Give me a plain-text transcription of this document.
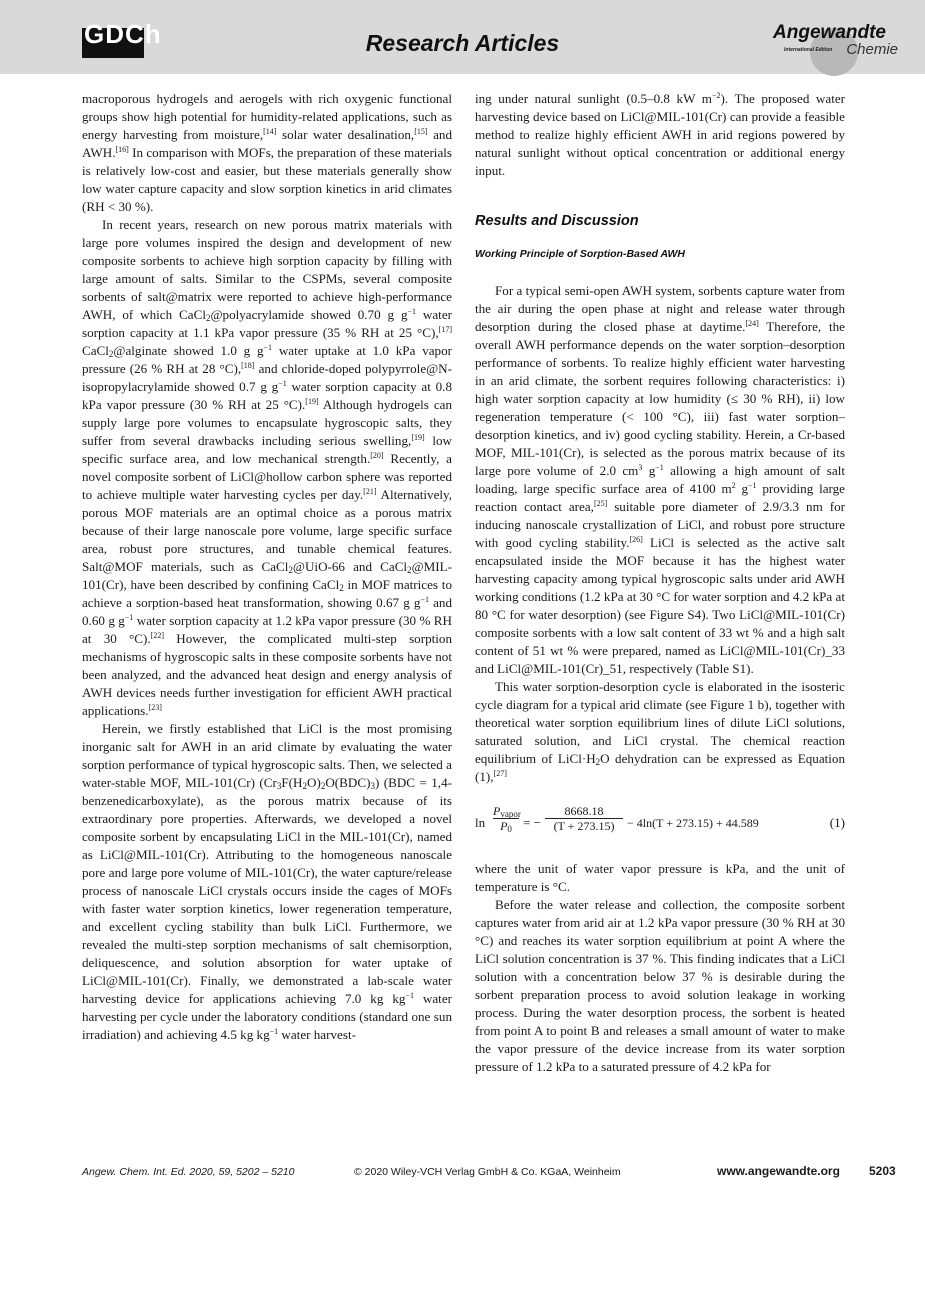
GDCh	Research Articles	Angewandte
International Edition Chemie

macroporous hydrogels and aerogels with rich oxygenic functional groups show high potential for humidity-related applications, such as energy harvesting from moisture,[14] solar water desalination,[15] and AWH.[16] In comparison with MOFs, the preparation of these materials is relatively low-cost and easier, but these materials generally show low water capture capacity and slow sorption kinetics in arid climates (RH < 30 %).

In recent years, research on new porous matrix materials with large pore volumes inspired the design and development of new composite sorbents to achieve high sorption capacity by filling with large amount of salts. Similar to the CSPMs, several composite sorbents of salt@matrix were reported to achieve high-performance AWH, of which CaCl$_2$@polyacrylamide showed 0.70 g $g^{-1}$ water sorption capacity at 1.1 kPa vapor pressure (35 % RH at 25 °C),[17] CaCl$_2$@alginate showed 1.0 g $g^{-1}$ water uptake at 1.0 kPa vapor pressure (26 % RH at 28 °C),[18] and chloride-doped polypyrrole@N-isopropylacrylamide showed 0.7 g $g^{-1}$ water sorption capacity at 0.8 kPa vapor pressure (30 % RH at 25 °C).[19] Although hydrogels can supply large pore volumes to encapsulate hygroscopic salts, they suffer from several drawbacks including serious swelling,[19] low specific surface area, and low mechanical strength.[20] Recently, a novel composite sorbent of LiCl@hollow carbon sphere was reported to achieve multiple water harvesting cycles per day.[21] Alternatively, porous MOF materials are an optimal choice as a porous matrix because of their large nanoscale pore volume, large specific surface area, robust pore structures, and tunable chemical features. Salt@MOF materials, such as CaCl$_2$@UiO-66 and CaCl$_2$@MIL-101(Cr), have been described by confining CaCl$_2$ in MOF matrices to achieve a sorption-based heat transformation, showing 0.67 g $g^{-1}$ and 0.60 g $g^{-1}$ water sorption capacity at 1.2 kPa vapor pressure (30 % RH at 30 °C).[22] However, the complicated multi-step sorption mechanisms of hygroscopic salts in these composite sorbents have not been analyzed, and the advanced heat design and energy analysis of AWH devices needs further investigation for efficient AWH practical applications.[23]

Herein, we firstly established that LiCl is the most promising inorganic salt for AWH in an arid climate by evaluating the water sorption performance of typical hygroscopic salts. Then, we selected a water-stable MOF, MIL-101(Cr) $(Cr_3F(H_2O)_2O(BDC)_3) (BDC$ = 1,4-benzenedicarboxylate), as the porous matrix because of its extraordinary pore properties. Afterwards, we developed a novel composite sorbent by encapsulating LiCl in the MIL-101(Cr), named as LiCl@MIL-101(Cr). Attributing to the homogeneous nanoscale pore and large pore volume of MIL-101(Cr), the water capture/release process of nanoscale LiCl crystals occurs inside the cages of MOFs with faster water sorption kinetics, lower regeneration temperature, and excellent cycling stability than bulk LiCl. Furthermore, we revealed the multi-step sorption mechanisms of salt chemisorption, deliquescence, and solution absorption for water uptake of LiCl@MIL-101(Cr). Finally, we demonstrated a lab-scale water harvesting device for applications achieving 7.0 kg $kg^{-1}$ water harvesting per cycle under the laboratory conditions (standard one sun irradiation) and achieving 4.5 kg $kg^{-1}$ water harvest-

ing under natural sunlight (0.5–0.8 kW $m^{-2}$). The proposed water harvesting device based on LiCl@MIL-101(Cr) can provide a feasible method to realize highly efficient AWH in arid regions powered by natural sunlight without optical concentration or additional energy input.

Results and Discussion
Working Principle of Sorption-Based AWH

For a typical semi-open AWH system, sorbents capture water from the air during the open phase at night and release water through desorption during the closed phase at daytime.[24] Therefore, the overall AWH performance depends on the water sorption–desorption performance of sorbents. To realize highly efficient water harvesting in an arid climate, the sorbent requires following characteristics: i) high water sorption capacity at low humidity (≤ 30 % RH), ii) low regeneration temperature (< 100 °C), iii) fast water sorption–desorption kinetics, and iv) good cycling stability. Herein, a Cr-based MOF, MIL-101(Cr), is selected as the porous matrix because of its large pore volume of 2.0 $cm^3$ $g^{-1}$ allowing a high amount of salt loading, large specific surface area of 4100 $m^2$ $g^{-1}$ providing large reaction contact area,[25] suitable pore diameter of 2.9/3.3 nm for inducing nanoscale crystallization of LiCl, and robust pore structure with good cycling stability.[26] LiCl is selected as the active salt encapsulated inside the MOF because it has the highest water harvesting capacity among typical hygroscopic salts under arid AWH working conditions (1.2 kPa at 30 °C for water sorption and 4.2 kPa at 80 °C for water desorption) (see Figure S4). Two LiCl@MIL-101(Cr) composite sorbents with a low salt content of 33 wt % and a high salt content of 51 wt % were prepared, named as LiCl@MIL-101(Cr)_33 and LiCl@MIL-101(Cr)_51, respectively (Table S1).

This water sorption-desorption cycle is elaborated in the isosteric cycle diagram for a typical arid climate (see Figure 1 b), together with theoretical water sorption equilibrium lines of dilute LiCl solutions, saturated solution, and LiCl crystal. The chemical reaction equilibrium of $LiCl\cdot H_2O$ dehydration can be expressed as Equation (1),[27]

ln
$P_{vapor}$
$P_0$ = − $\frac{8668.18}{(T + 273.15)} - 4\ln(T + 273.15) + 44.589$	(1)

where the unit of water vapor pressure is kPa, and the unit of temperature is °C.

Before the water release and collection, the composite sorbent captures water from arid air at 1.2 kPa vapor pressure (30 % RH at 30 °C) and reaches its water sorption equilibrium at point A where the LiCl solution concentration is 37 %. This finding indicates that a LiCl solution with a concentration below 37 % is desirable during the sorbent preparation process to avoid solution leakage in working process. During the water desorption process, the sorbent is heated from point A to point B and releases a small amount of water to make the vapor pressure of the device increase from its water sorption pressure of 1.2 kPa to a saturated pressure of 4.2 kPa for

Angew. Chem. Int. Ed. 2020, 59, 5202 – 5210	© 2020 Wiley-VCH Verlag GmbH & Co. KGaA, Weinheim	www.angewandte.org 5203
